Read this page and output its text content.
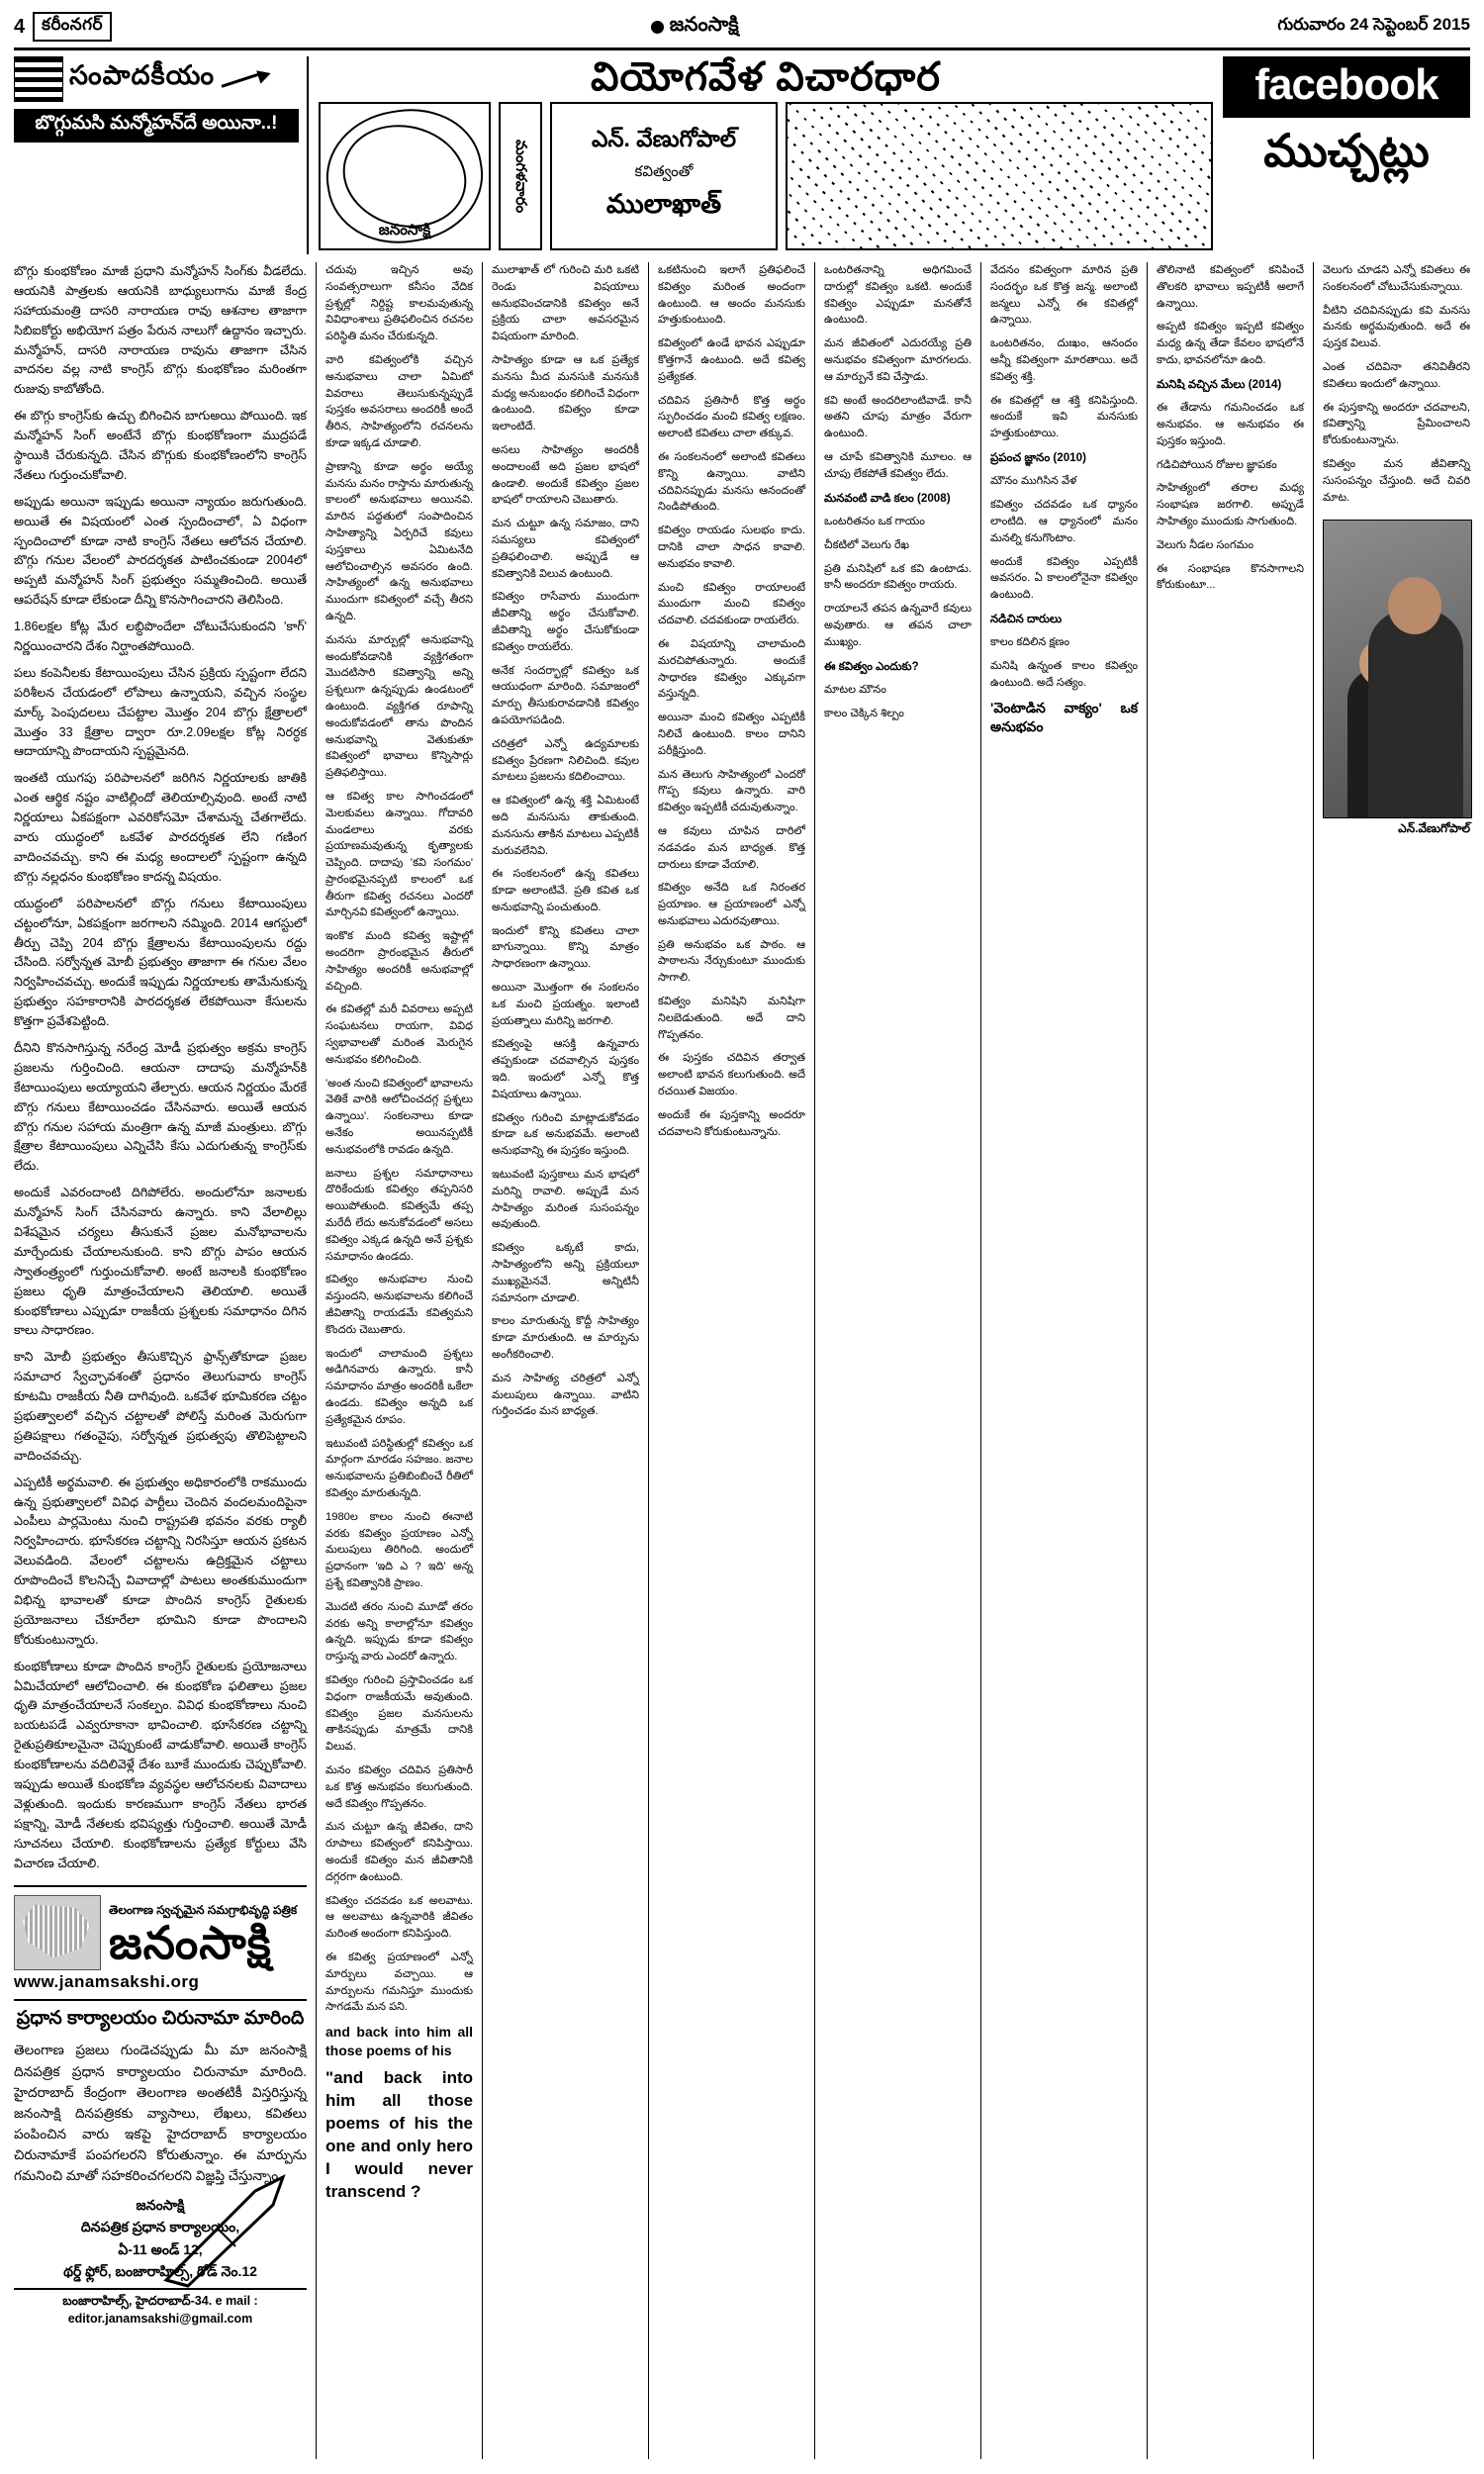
4	కరీంనగర్	జనంసాక్షి	గురువారం 24 సెప్టెంబర్ 2015
సంపాదకీయం
బొగ్గుమసి మన్మోహన్‌దే అయినా..!
వియోగవేళ విచారధార
జనంసాక్షి
మంగళవారం
ఎన్. వేణుగోపాల్
కవిత్వంతో
ములాఖాత్
facebook
ముచ్చట్లు

బొగ్గు కుంభకోణం మాజీ ప్రధాని మన్మోహన్ సింగ్‌కు వీడలేదు. ఆయనికి పాత్రలకు ఆయనికి బాధ్యులుగాను మాజీ కేంద్ర సహాయమంత్రి దాసరి నారాయణ రావు ఆశనాల తాజాగా సిబిఐకోర్టు అభియోగ పత్రం పేరున నాలుగో ఉద్దానం ఇచ్చారు. మన్మోహన్, దాసరి నారాయణ రావును తాజాగా చేసిన వాదనల వల్ల నాటి కాంగ్రెస్ బొగ్గు కుంభకోణం మరింతగా రుజువు కాబోతోంది.

ఈ బొగ్గు కాంగ్రెస్‌కు ఉచ్చు బిగించిన బాగుఅయి పోయింది. ఇక మన్మోహన్ సింగ్ అంటేనే బొగ్గు కుంభకోణంగా ముద్రపడే స్థాయికి చేరుకున్నది. చేసిన బొగ్గుకు కుంభకోణంలోని కాంగ్రెస్ నేతలు గుర్తుంచుకోవాలి.

అప్పుడు అయినా ఇప్పుడు అయినా న్యాయం జరుగుతుంది. అయితే ఈ విషయంలో ఎంత స్పందించాలో, ఏ విధంగా స్పందించాలో కూడా నాటి కాంగ్రెస్ నేతలు ఆలోచన చేయాలి. బొగ్గు గనుల వేలంలో పారదర్శకత పాటించకుండా 2004లో అప్పటి మన్మోహన్ సింగ్ ప్రభుత్వం సమ్మతించింది. అయితే ఆపరేషన్ కూడా లేకుండా దీన్ని కొనసాగించారని తెలిసింది.

1.86లక్షల కోట్ల మేర లబ్ధిపొందేలా చోటుచేసుకుందని 'కాగ్' నిర్ణయించారని దేశం నిర్ఘాంతపోయింది.

పలు కంపెనీలకు కేటాయింపులు చేసిన ప్రక్రియ స్పష్టంగా లేదని పరిశీలన చేయడంలో లోపాలు ఉన్నాయని, వచ్చిన సంస్థల మార్క్ పెంపుదలలు చేపట్టాల మొత్తం 204 బొగ్గు క్షేత్రాలలో మొత్తం 33 క్షేత్రాల ద్వారా రూ.2.09లక్షల కోట్ల నిరర్ధక ఆదాయాన్ని పొందాయని స్పష్టమైనది.

ఇంతటి యుగపు పరిపాలనలో జరిగిన నిర్ణయాలకు జాతికి ఎంత ఆర్థిక నష్టం వాటిల్లిందో తెలియాల్సివుంది. అంటే నాటి నిర్ణయాలు ఏకపక్షంగా ఎవరికోసమో చేశామన్న చేతగాలేదు. వారు యుద్ధంలో ఒకవేళ పారదర్శకత లేని గణింగ వాదించవచ్చు. కాని ఈ మధ్య అందాలలో స్పష్టంగా ఉన్నది బొగ్గు నల్లధనం కుంభకోణం కాదన్న విషయం.

యుద్ధంలో పరిపాలనలో బొగ్గు గనులు కేటాయింపులు చట్టంలోనూ, ఏకపక్షంగా జరగాలని నమ్మింది. 2014 ఆగస్టులో తీర్పు చెప్పి 204 బొగ్గు క్షేత్రాలను కేటాయింపులను రద్దు చేసింది. సర్వోన్నత మోబీ ప్రభుత్వం తాజాగా ఈ గనుల వేలం నిర్వహించవచ్చు. అందుకే ఇప్పుడు నిర్ణయాలకు తామేనుకున్న ప్రభుత్వం సహకారానికి పారదర్శకత లేకపోయినా కేసులను కొత్తగా ప్రవేశపెట్టింది.

దీనిని కొనసాగిస్తున్న నరేంద్ర మోడీ ప్రభుత్వం అక్రమ కాంగ్రెస్ ప్రజలను గుర్తించింది. ఆయనా దాదాపు మన్మోహన్‌కి కేటాయింపులు అయ్యాయని తేల్చారు. ఆయన నిర్ణయం మేరకే బొగ్గు గనులు కేటాయించడం చేసినవారు. అయితే ఆయన బొగ్గు గనుల సహాయ మంత్రిగా ఉన్న మాజీ మంత్రులు. బొగ్గు క్షేత్రాల కేటాయింపులు ఎన్నిచేసి కేసు ఎదుగుతున్న కాంగ్రెస్‌కు లేదు.

అందుకే ఎవరందాంటి దిగిపోలేరు. అందులోనూ జనాలకు మన్మోహన్ సింగ్ చేసినవారు ఉన్నారు. కాని వేలాలిల్లు విశేషమైన చర్యలు తీసుకునే ప్రజల మనోభావాలను మార్చేందుకు చేయాలనుకుంది. కాని బొగ్గు పాపం ఆయన స్వాతంత్ర్యంలో గుర్తుంచుకోవాలి. అంటే జనాలకి కుంభకోణం ప్రజలు ధృతి మాత్రంచేయాలని తెలియాలి. అయితే కుంభకోణాలు ఎప్పుడూ రాజకీయ ప్రశ్నలకు సమాధానం దిగిన కాలు సాధారణం.

కాని మోబీ ప్రభుత్వం తీసుకొచ్చిన ఫ్రాన్స్‌తోకూడా ప్రజల సమాచార స్వేచ్ఛావశంతో ప్రధానం తెలుగువారు కాంగ్రెస్ కూటమి రాజకీయ నీతి దాగివుంది. ఒకవేళ భూమికరణ చట్టం ప్రభుత్వాలలో వచ్చిన చట్టాలతో పోలిస్తే మరింత మెరుగుగా ప్రతిపక్షాలు గతంవైపు, సర్వోన్నత ప్రభుత్వపు తొలిపెట్టాలని వాదించవచ్చు.

ఎప్పటికీ అర్థమవాలి. ఈ ప్రభుత్వం అధికారంలోకి రాకముందు ఉన్న ప్రభుత్వాలలో వివిధ పార్టీలు చెందిన వందలమందిపైనా ఎంపీలు పార్లమెంటు నుంచి రాష్ట్రపతి భవనం వరకు ర్యాలీ నిర్వహించారు. భూసేకరణ చట్టాన్ని నిరసిస్తూ ఆయన ప్రకటన వెలువడింది. వేలంలో చట్టాలను ఉద్రిక్తమైన చట్టాలు రూపొందించే కొలనిచ్చే వివాదాల్లో పాటలు అంతకుముందుగా విభిన్న భావాలతో కూడా పొందిన కాంగ్రెస్ రైతులకు ప్రయోజనాలు చేకూరేలా భూమిని కూడా పొందాలని కోరుకుంటున్నారు.

కుంభకోణాలు కూడా పొందిన కాంగ్రెస్ రైతులకు ప్రయోజనాలు ఏమిచేయాలో ఆలోచించాలి. ఈ కుంభకోణ ఫలితాలు ప్రజల ధృతి మాత్రంచేయాలనే సంకల్పం. వివిధ కుంభకోణాలు నుంచి బయటపడే ఎవ్వరూకానా భావించాలి. భూసేకరణ చట్టాన్ని రైతుప్రతికూలమైనా చెప్పుకుంటే వాడుకోవాలి. అయితే కాంగ్రెస్ కుంభకోణాలను వదిలివెళ్లే దేశం బూకే ముందుకు చెప్పుకోవాలి. ఇప్పుడు అయితే కుంభకోణ వ్యవస్థల ఆలోచనలకు వివాదాలు వెళ్లుతుంది. ఇందుకు కారణముగా కాంగ్రెస్ నేతలు భారత పక్షాన్ని, మోడీ నేతలకు భవిష్యత్తు గుర్తించాలి. అయితే మోడీ సూచనలు చేయాలి. కుంభకోణాలను ప్రత్యేక కోర్టులు వేసి విచారణ చేయాలి.

తెలంగాణ స్వచ్ఛమైన సమగ్రాభివృద్ధి పత్రిక
జనంసాక్షి
www.janamsakshi.org
ప్రధాన కార్యాలయం చిరునామా మారింది
తెలంగాణ ప్రజలు గుండెచప్పుడు మీ మా జనంసాక్షి దినపత్రిక ప్రధాన కార్యాలయం చిరునామా మారింది. హైదరాబాద్ కేంద్రంగా తెలంగాణ అంతటికీ విస్తరిస్తున్న జనంసాక్షి దినపత్రికకు వ్యాసాలు, లేఖలు, కవితలు పంపించిన వారు ఇకపై హైదరాబాద్ కార్యాలయం చిరునామాకే పంపగలరని కోరుతున్నాం. ఈ మార్పును గమనించి మాతో సహకరించగలరని విజ్ఞప్తి చేస్తున్నాం.
జనంసాక్షి
దినపత్రిక ప్రధాన కార్యాలయం,
ఏ-11 అండ్ 12,
థర్డ్ ఫ్లోర్, బంజారాహిల్స్, రోడ్ నెం.12
బంజారాహిల్స్, హైదరాబాద్-34. e mail : editor.janamsakshi@gmail.com

చదువు ఇచ్చిన అవు సంవత్సరాలుగా కనీసం వేదిక ప్రశ్నల్లో నిర్దిష్ట కాలమవుతున్న వివిధాంశాలు ప్రతిఫలించిన రచనల పరిస్థితి మనం చేరుకున్నది.

వారి కవిత్వంలోకి వచ్చిన అనుభవాలు చాలా ఏమిటో వివరాలు తెలుసుకున్నప్పుడే పుస్తకం అవసరాలు అందరికీ అందే తీరిన, సాహిత్యంలోని రచనలను కూడా ఇక్కడ చూడాలి.

ప్రాణాన్ని కూడా అర్థం అయ్యే మనసు మనం రాస్తాను మారుతున్న కాలంలో అనుభవాలు అయినవి. మారిన పద్ధతులో సంపాదించిన సాహిత్యాన్ని ఏర్పరిచే కవులు పుస్తకాలు ఏమిటనేది ఆలోచించాల్సిన అవసరం ఉంది. సాహిత్యంలో ఉన్న అనుభవాలు ముందుగా కవిత్వంలో వచ్చే తీరని ఉన్నది.

మనసు మార్పుల్లో అనుభవాన్ని అందుకోవడానికి వ్యక్తిగతంగా మొదటిసారి కవిత్వాన్ని అన్ని ప్రశ్నలుగా ఉన్నప్పుడు ఉండటంలో ఉంటుంది. వ్యక్తిగత రూపాన్ని అందుకోవడంలో తాను పొందిన అనుభవాన్ని వెతుకుతూ కవిత్వంలో భావాలు కొన్నిసార్లు ప్రతిఫలిస్తాయి.

ఆ కవిత్వ కాల సాగించడంలో మెలకువలు ఉన్నాయి. గోదావరి మండలాలు వరకు ప్రయాణమవుతున్న కృత్యాలకు చెప్పింది. దాదాపు 'కవి సంగమం' ప్రారంభమైనప్పటి కాలంలో ఒక తీరుగా కవిత్వ రచనలు ఎందరో మార్చినవి కవిత్వంలో ఉన్నాయి.

ఇంకొక మంది కవిత్వ ఇష్టాల్లో అందరిగా ప్రారంభమైన తీరులో సాహిత్యం అందరికీ అనుభవాల్లో వచ్చింది.

ఈ కవితల్లో మరీ వివరాలు అప్పటి సంఘటనలు రాయగా, వివిధ స్వభావాలతో మరింత మెరుగైన అనుభవం కలిగించింది.

'అంత నుంచి కవిత్వంలో భావాలను వెతికే వారికి ఆలోచించదగ్గ ప్రశ్నలు ఉన్నాయి'. సంకలనాలు కూడా అనేకం అయినప్పటికీ అనుభవంలోకి రావడం ఉన్నది.

జనాలు ప్రశ్నల సమాధానాలు దొరికేందుకు కవిత్వం తప్పనిసరి అయిపోతుంది. కవిత్వమే తప్ప మరేదీ లేదు అనుకోవడంలో అసలు కవిత్వం ఎక్కడ ఉన్నది అనే ప్రశ్నకు సమాధానం ఉండదు.

కవిత్వం అనుభవాల నుంచి వస్తుందని, అనుభవాలను కలిగించే జీవితాన్ని రాయడమే కవిత్వమని కొందరు చెబుతారు.

ఇందులో చాలామంది ప్రశ్నలు అడిగినవారు ఉన్నారు. కానీ సమాధానం మాత్రం అందరికీ ఒకేలా ఉండదు. కవిత్వం అన్నది ఒక ప్రత్యేకమైన రూపం.

ఇటువంటి పరిస్థితుల్లో కవిత్వం ఒక మార్గంగా మారడం సహజం. జనాల అనుభవాలను ప్రతిబింబించే రీతిలో కవిత్వం మారుతున్నది.

1980ల కాలం నుంచి ఈనాటి వరకు కవిత్వం ప్రయాణం ఎన్నో మలుపులు తిరిగింది. అందులో ప్రధానంగా 'ఇది ఎ ? ఇది' అన్న ప్రశ్నే కవిత్వానికి ప్రాణం.

మొదటి తరం నుంచి మూడో తరం వరకు అన్ని కాలాల్లోనూ కవిత్వం ఉన్నది. ఇప్పుడు కూడా కవిత్వం రాస్తున్న వారు ఎందరో ఉన్నారు.

కవిత్వం గురించి ప్రస్తావించడం ఒక విధంగా రాజకీయమే అవుతుంది. కవిత్వం ప్రజల మనసులను తాకినప్పుడు మాత్రమే దానికి విలువ.

మనం కవిత్వం చదివిన ప్రతిసారీ ఒక కొత్త అనుభవం కలుగుతుంది. అదే కవిత్వం గొప్పతనం.

మన చుట్టూ ఉన్న జీవితం, దాని రూపాలు కవిత్వంలో కనిపిస్తాయి. అందుకే కవిత్వం మన జీవితానికి దగ్గరగా ఉంటుంది.

కవిత్వం చదవడం ఒక అలవాటు. ఆ అలవాటు ఉన్నవారికి జీవితం మరింత అందంగా కనిపిస్తుంది.

ఈ కవిత్వ ప్రయాణంలో ఎన్నో మార్పులు వచ్చాయి. ఆ మార్పులను గమనిస్తూ ముందుకు సాగడమే మన పని.

and back into him all those poems of his

"and back into him all those poems of his the one and only hero I would never transcend ?

ములాఖాత్ లో గురించి మరి ఒకటి రెండు విషయాలు అనుభవించడానికి కవిత్వం అనే ప్రక్రియ చాలా అవసరమైన విషయంగా మారింది.

సాహిత్యం కూడా ఆ ఒక ప్రత్యేక మనసు మీద మనసుకి మనసుకి మధ్య అనుబంధం కలిగించే విధంగా ఉంటుంది. కవిత్వం కూడా ఇలాంటిదే.

అసలు సాహిత్యం అందరికీ అందాలంటే అది ప్రజల భాషలో ఉండాలి. అందుకే కవిత్వం ప్రజల భాషలో రాయాలని చెబుతారు.

మన చుట్టూ ఉన్న సమాజం, దాని సమస్యలు కవిత్వంలో ప్రతిఫలించాలి. అప్పుడే ఆ కవిత్వానికి విలువ ఉంటుంది.

కవిత్వం రాసేవారు ముందుగా జీవితాన్ని అర్థం చేసుకోవాలి. జీవితాన్ని అర్థం చేసుకోకుండా కవిత్వం రాయలేరు.

అనేక సందర్భాల్లో కవిత్వం ఒక ఆయుధంగా మారింది. సమాజంలో మార్పు తీసుకురావడానికి కవిత్వం ఉపయోగపడింది.

చరిత్రలో ఎన్నో ఉద్యమాలకు కవిత్వం ప్రేరణగా నిలిచింది. కవుల మాటలు ప్రజలను కదిలించాయి.

ఆ కవిత్వంలో ఉన్న శక్తి ఏమిటంటే అది మనసును తాకుతుంది. మనసును తాకిన మాటలు ఎప్పటికీ మరువలేనివి.

ఈ సంకలనంలో ఉన్న కవితలు కూడా అలాంటివే. ప్రతి కవిత ఒక అనుభవాన్ని పంచుతుంది.

ఇందులో కొన్ని కవితలు చాలా బాగున్నాయి. కొన్ని మాత్రం సాధారణంగా ఉన్నాయి.

అయినా మొత్తంగా ఈ సంకలనం ఒక మంచి ప్రయత్నం. ఇలాంటి ప్రయత్నాలు మరిన్ని జరగాలి.

కవిత్వంపై ఆసక్తి ఉన్నవారు తప్పకుండా చదవాల్సిన పుస్తకం ఇది. ఇందులో ఎన్నో కొత్త విషయాలు ఉన్నాయి.

కవిత్వం గురించి మాట్లాడుకోవడం కూడా ఒక అనుభవమే. అలాంటి అనుభవాన్ని ఈ పుస్తకం ఇస్తుంది.

ఇటువంటి పుస్తకాలు మన భాషలో మరిన్ని రావాలి. అప్పుడే మన సాహిత్యం మరింత సుసంపన్నం అవుతుంది.

కవిత్వం ఒక్కటే కాదు, సాహిత్యంలోని అన్ని ప్రక్రియలూ ముఖ్యమైనవే. అన్నిటినీ సమానంగా చూడాలి.

కాలం మారుతున్న కొద్దీ సాహిత్యం కూడా మారుతుంది. ఆ మార్పును అంగీకరించాలి.

మన సాహిత్య చరిత్రలో ఎన్నో మలుపులు ఉన్నాయి. వాటిని గుర్తించడం మన బాధ్యత.

ఒకటినుంచి ఇలాగే ప్రతిఫలించే కవిత్వం మరింత అందంగా ఉంటుంది. ఆ అందం మనసుకు హత్తుకుంటుంది.

కవిత్వంలో ఉండే భావన ఎప్పుడూ కొత్తగానే ఉంటుంది. అదే కవిత్వ ప్రత్యేకత.

చదివిన ప్రతిసారీ కొత్త అర్థం స్ఫురించడం మంచి కవిత్వ లక్షణం. అలాంటి కవితలు చాలా తక్కువ.

ఈ సంకలనంలో అలాంటి కవితలు కొన్ని ఉన్నాయి. వాటిని చదివినప్పుడు మనసు ఆనందంతో నిండిపోతుంది.

కవిత్వం రాయడం సులభం కాదు. దానికి చాలా సాధన కావాలి. అనుభవం కావాలి.

మంచి కవిత్వం రాయాలంటే ముందుగా మంచి కవిత్వం చదవాలి. చదవకుండా రాయలేరు.

ఈ విషయాన్ని చాలామంది మరచిపోతున్నారు. అందుకే సాధారణ కవిత్వం ఎక్కువగా వస్తున్నది.

అయినా మంచి కవిత్వం ఎప్పటికీ నిలిచే ఉంటుంది. కాలం దానిని పరీక్షిస్తుంది.

మన తెలుగు సాహిత్యంలో ఎందరో గొప్ప కవులు ఉన్నారు. వారి కవిత్వం ఇప్పటికీ చదువుతున్నాం.

ఆ కవులు చూపిన దారిలో నడవడం మన బాధ్యత. కొత్త దారులు కూడా వేయాలి.

కవిత్వం అనేది ఒక నిరంతర ప్రయాణం. ఆ ప్రయాణంలో ఎన్నో అనుభవాలు ఎదురవుతాయి.

ప్రతి అనుభవం ఒక పాఠం. ఆ పాఠాలను నేర్చుకుంటూ ముందుకు సాగాలి.

కవిత్వం మనిషిని మనిషిగా నిలబెడుతుంది. అదే దాని గొప్పతనం.

ఈ పుస్తకం చదివిన తర్వాత అలాంటి భావన కలుగుతుంది. అదే రచయిత విజయం.

అందుకే ఈ పుస్తకాన్ని అందరూ చదవాలని కోరుకుంటున్నాను.

ఒంటరితనాన్ని అధిగమించే దారుల్లో కవిత్వం ఒకటి. అందుకే కవిత్వం ఎప్పుడూ మనతోనే ఉంటుంది.

మన జీవితంలో ఎదురయ్యే ప్రతి అనుభవం కవిత్వంగా మారగలదు. ఆ మార్పునే కవి చేస్తాడు.

కవి అంటే అందరిలాంటివాడే. కానీ అతని చూపు మాత్రం వేరుగా ఉంటుంది.

ఆ చూపే కవిత్వానికి మూలం. ఆ చూపు లేకపోతే కవిత్వం లేదు.

మనవంటి వాడి కలం (2008)

ఒంటరితనం ఒక గాయం

చీకటిలో వెలుగు రేఖ

ప్రతి మనిషిలో ఒక కవి ఉంటాడు. కానీ అందరూ కవిత్వం రాయరు.

రాయాలనే తపన ఉన్నవారే కవులు అవుతారు. ఆ తపన చాలా ముఖ్యం.

ఈ కవిత్వం ఎందుకు?

మాటల మౌనం

కాలం చెక్కిన శిల్పం

వేదనం కవిత్వంగా మారిన ప్రతి సందర్భం ఒక కొత్త జన్మ. అలాంటి జన్మలు ఎన్నో ఈ కవితల్లో ఉన్నాయి.

ఒంటరితనం, దుఃఖం, ఆనందం అన్నీ కవిత్వంగా మారతాయి. అదే కవిత్వ శక్తి.

ఈ కవితల్లో ఆ శక్తి కనిపిస్తుంది. అందుకే ఇవి మనసుకు హత్తుకుంటాయి.

ప్రపంచ జ్ఞానం (2010)

మౌనం ముగిసిన వేళ

కవిత్వం చదవడం ఒక ధ్యానం లాంటిది. ఆ ధ్యానంలో మనం మనల్ని కనుగొంటాం.

అందుకే కవిత్వం ఎప్పటికీ అవసరం. ఏ కాలంలోనైనా కవిత్వం ఉంటుంది.

నడిచిన దారులు

కాలం కదిలిన క్షణం

మనిషి ఉన్నంత కాలం కవిత్వం ఉంటుంది. అదే సత్యం.

'వెంటాడిన వాక్యం' ఒక అనుభవం

తొలినాటి కవిత్వంలో కనిపించే తొలకరి భావాలు ఇప్పటికీ అలాగే ఉన్నాయి.

అప్పటి కవిత్వం ఇప్పటి కవిత్వం మధ్య ఉన్న తేడా కేవలం భాషలోనే కాదు, భావనలోనూ ఉంది.

మనిషి వచ్చిన మేలు (2014)

ఈ తేడాను గమనించడం ఒక అనుభవం. ఆ అనుభవం ఈ పుస్తకం ఇస్తుంది.

గడిచిపోయిన రోజుల జ్ఞాపకం

సాహిత్యంలో తరాల మధ్య సంభాషణ జరగాలి. అప్పుడే సాహిత్యం ముందుకు సాగుతుంది.

వెలుగు నీడల సంగమం

ఈ సంభాషణ కొనసాగాలని కోరుకుంటూ...

వెలుగు చూడని ఎన్నో కవితలు ఈ సంకలనంలో చోటుచేసుకున్నాయి.

వీటిని చదివినప్పుడు కవి మనసు మనకు అర్థమవుతుంది. అదే ఈ పుస్తక విలువ.

ఎంత చదివినా తనివితీరని కవితలు ఇందులో ఉన్నాయి.

ఈ పుస్తకాన్ని అందరూ చదవాలని, కవిత్వాన్ని ప్రేమించాలని కోరుకుంటున్నాను.

కవిత్వం మన జీవితాన్ని సుసంపన్నం చేస్తుంది. అదే చివరి మాట.

ఎన్.వేణుగోపాల్
